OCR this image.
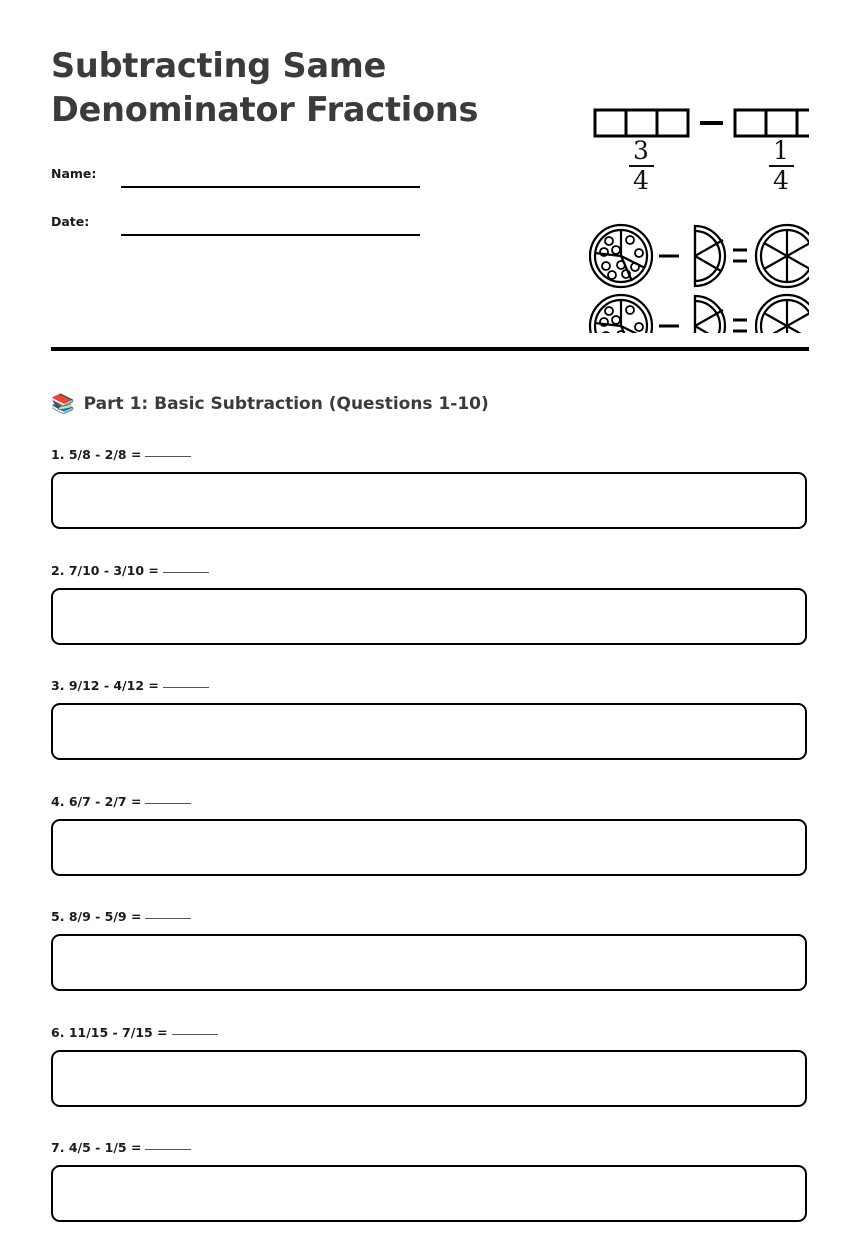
Subtracting Same
Denominator Fractions
Name:
Date:
3
4
1
4
📚 Part 1: Basic Subtraction (Questions 1-10)
1. 5/8 - 2/8 =
2. 7/10 - 3/10 =
3. 9/12 - 4/12 =
4. 6/7 - 2/7 =
5. 8/9 - 5/9 =
6. 11/15 - 7/15 =
7. 4/5 - 1/5 =
